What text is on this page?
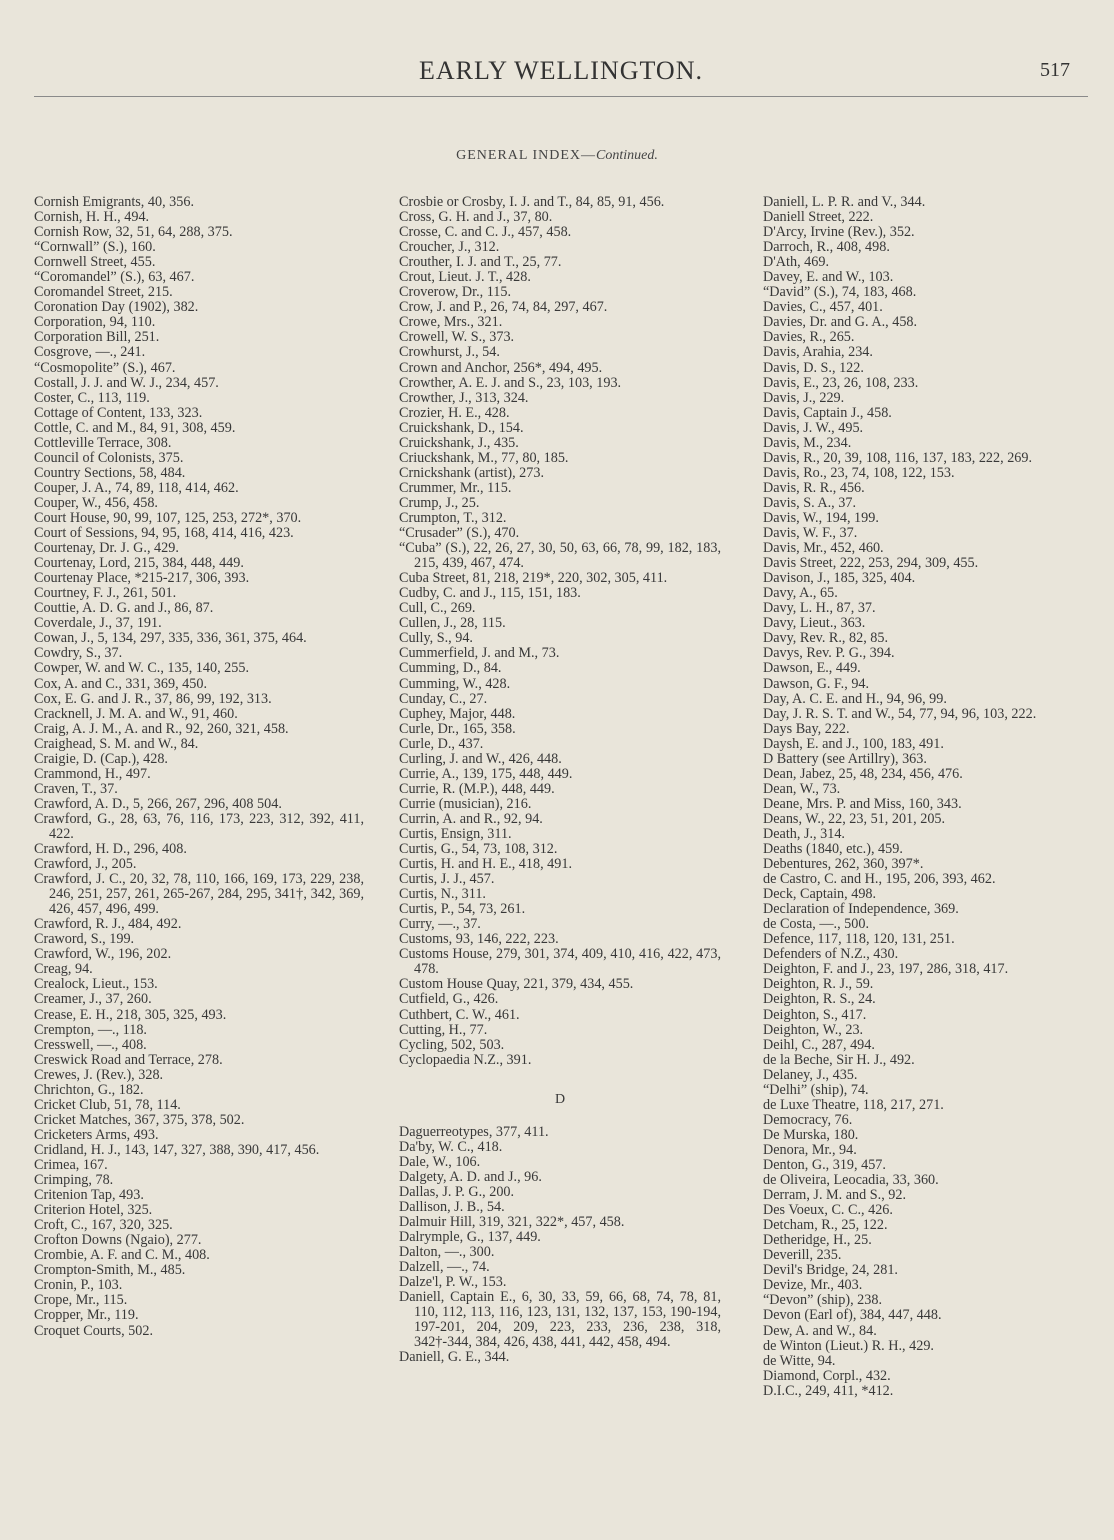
EARLY WELLINGTON.	517
GENERAL INDEX—Continued.
Cornish Emigrants, 40, 356.
Cornish, H. H., 494.
Cornish Row, 32, 51, 64, 288, 375.
“Cornwall” (S.), 160.
Cornwell Street, 455.
“Coromandel” (S.), 63, 467.
Coromandel Street, 215.
Coronation Day (1902), 382.
Corporation, 94, 110.
Corporation Bill, 251.
Cosgrove, —., 241.
“Cosmopolite” (S.), 467.
Costall, J. J. and W. J., 234, 457.
Coster, C., 113, 119.
Cottage of Content, 133, 323.
Cottle, C. and M., 84, 91, 308, 459.
Cottleville Terrace, 308.
Council of Colonists, 375.
Country Sections, 58, 484.
Couper, J. A., 74, 89, 118, 414, 462.
Couper, W., 456, 458.
Court House, 90, 99, 107, 125, 253, 272*, 370.
Court of Sessions, 94, 95, 168, 414, 416, 423.
Courtenay, Dr. J. G., 429.
Courtenay, Lord, 215, 384, 448, 449.
Courtenay Place, *215-217, 306, 393.
Courtney, F. J., 261, 501.
Couttie, A. D. G. and J., 86, 87.
Coverdale, J., 37, 191.
Cowan, J., 5, 134, 297, 335, 336, 361, 375, 464.
Cowdry, S., 37.
Cowper, W. and W. C., 135, 140, 255.
Cox, A. and C., 331, 369, 450.
Cox, E. G. and J. R., 37, 86, 99, 192, 313.
Cracknell, J. M. A. and W., 91, 460.
Craig, A. J. M., A. and R., 92, 260, 321, 458.
Craighead, S. M. and W., 84.
Craigie, D. (Cap.), 428.
Crammond, H., 497.
Craven, T., 37.
Crawford, A. D., 5, 266, 267, 296, 408 504.
Crawford, G., 28, 63, 76, 116, 173, 223, 312, 392, 411, 422.
Crawford, H. D., 296, 408.
Crawford, J., 205.
Crawford, J. C., 20, 32, 78, 110, 166, 169, 173, 229, 238, 246, 251, 257, 261, 265-267, 284, 295, 341†, 342, 369, 426, 457, 496, 499.
Crawford, R. J., 484, 492.
Craword, S., 199.
Crawford, W., 196, 202.
Creag, 94.
Crealock, Lieut., 153.
Creamer, J., 37, 260.
Crease, E. H., 218, 305, 325, 493.
Crempton, —., 118.
Cresswell, —., 408.
Creswick Road and Terrace, 278.
Crewes, J. (Rev.), 328.
Chrichton, G., 182.
Cricket Club, 51, 78, 114.
Cricket Matches, 367, 375, 378, 502.
Cricketers Arms, 493.
Cridland, H. J., 143, 147, 327, 388, 390, 417, 456.
Crimea, 167.
Crimping, 78.
Critenion Tap, 493.
Criterion Hotel, 325.
Croft, C., 167, 320, 325.
Crofton Downs (Ngaio), 277.
Crombie, A. F. and C. M., 408.
Crompton-Smith, M., 485.
Cronin, P., 103.
Crope, Mr., 115.
Cropper, Mr., 119.
Croquet Courts, 502.
Crosbie or Crosby, I. J. and T., 84, 85, 91, 456.
Cross, G. H. and J., 37, 80.
Crosse, C. and C. J., 457, 458.
Croucher, J., 312.
Crouther, I. J. and T., 25, 77.
Crout, Lieut. J. T., 428.
Croverow, Dr., 115.
Crow, J. and P., 26, 74, 84, 297, 467.
Crowe, Mrs., 321.
Crowell, W. S., 373.
Crowhurst, J., 54.
Crown and Anchor, 256*, 494, 495.
Crowther, A. E. J. and S., 23, 103, 193.
Crowther, J., 313, 324.
Crozier, H. E., 428.
Cruickshank, D., 154.
Cruickshank, J., 435.
Criuckshank, M., 77, 80, 185.
Crnickshank (artist), 273.
Crummer, Mr., 115.
Crump, J., 25.
Crumpton, T., 312.
“Crusader” (S.), 470.
“Cuba” (S.), 22, 26, 27, 30, 50, 63, 66, 78, 99, 182, 183, 215, 439, 467, 474.
Cuba Street, 81, 218, 219*, 220, 302, 305, 411.
Cudby, C. and J., 115, 151, 183.
Cull, C., 269.
Cullen, J., 28, 115.
Cully, S., 94.
Cummerfield, J. and M., 73.
Cumming, D., 84.
Cumming, W., 428.
Cunday, C., 27.
Cuphey, Major, 448.
Curle, Dr., 165, 358.
Curle, D., 437.
Curling, J. and W., 426, 448.
Currie, A., 139, 175, 448, 449.
Currie, R. (M.P.), 448, 449.
Currie (musician), 216.
Currin, A. and R., 92, 94.
Curtis, Ensign, 311.
Curtis, G., 54, 73, 108, 312.
Curtis, H. and H. E., 418, 491.
Curtis, J. J., 457.
Curtis, N., 311.
Curtis, P., 54, 73, 261.
Curry, —., 37.
Customs, 93, 146, 222, 223.
Customs House, 279, 301, 374, 409, 410, 416, 422, 473, 478.
Custom House Quay, 221, 379, 434, 455.
Cutfield, G., 426.
Cuthbert, C. W., 461.
Cutting, H., 77.
Cycling, 502, 503.
Cyclopaedia N.Z., 391.
D
Daguerreotypes, 377, 411.
Da'by, W. C., 418.
Dale, W., 106.
Dalgety, A. D. and J., 96.
Dallas, J. P. G., 200.
Dallison, J. B., 54.
Dalmuir Hill, 319, 321, 322*, 457, 458.
Dalrymple, G., 137, 449.
Dalton, —., 300.
Dalzell, —., 74.
Dalze'l, P. W., 153.
Daniell, Captain E., 6, 30, 33, 59, 66, 68, 74, 78, 81, 110, 112, 113, 116, 123, 131, 132, 137, 153, 190-194, 197-201, 204, 209, 223, 233, 236, 238, 318, 342†-344, 384, 426, 438, 441, 442, 458, 494.
Daniell, G. E., 344.
Daniell, L. P. R. and V., 344.
Daniell Street, 222.
D'Arcy, Irvine (Rev.), 352.
Darroch, R., 408, 498.
D'Ath, 469.
Davey, E. and W., 103.
“David” (S.), 74, 183, 468.
Davies, C., 457, 401.
Davies, Dr. and G. A., 458.
Davies, R., 265.
Davis, Arahia, 234.
Davis, D. S., 122.
Davis, E., 23, 26, 108, 233.
Davis, J., 229.
Davis, Captain J., 458.
Davis, J. W., 495.
Davis, M., 234.
Davis, R., 20, 39, 108, 116, 137, 183, 222, 269.
Davis, Ro., 23, 74, 108, 122, 153.
Davis, R. R., 456.
Davis, S. A., 37.
Davis, W., 194, 199.
Davis, W. F., 37.
Davis, Mr., 452, 460.
Davis Street, 222, 253, 294, 309, 455.
Davison, J., 185, 325, 404.
Davy, A., 65.
Davy, L. H., 87, 37.
Davy, Lieut., 363.
Davy, Rev. R., 82, 85.
Davys, Rev. P. G., 394.
Dawson, E., 449.
Dawson, G. F., 94.
Day, A. C. E. and H., 94, 96, 99.
Day, J. R. S. T. and W., 54, 77, 94, 96, 103, 222.
Days Bay, 222.
Daysh, E. and J., 100, 183, 491.
D Battery (see Artillry), 363.
Dean, Jabez, 25, 48, 234, 456, 476.
Dean, W., 73.
Deane, Mrs. P. and Miss, 160, 343.
Deans, W., 22, 23, 51, 201, 205.
Death, J., 314.
Deaths (1840, etc.), 459.
Debentures, 262, 360, 397*.
de Castro, C. and H., 195, 206, 393, 462.
Deck, Captain, 498.
Declaration of Independence, 369.
de Costa, —., 500.
Defence, 117, 118, 120, 131, 251.
Defenders of N.Z., 430.
Deighton, F. and J., 23, 197, 286, 318, 417.
Deighton, R. J., 59.
Deighton, R. S., 24.
Deighton, S., 417.
Deighton, W., 23.
Deihl, C., 287, 494.
de la Beche, Sir H. J., 492.
Delaney, J., 435.
“Delhi” (ship), 74.
de Luxe Theatre, 118, 217, 271.
Democracy, 76.
De Murska, 180.
Denora, Mr., 94.
Denton, G., 319, 457.
de Oliveira, Leocadia, 33, 360.
Derram, J. M. and S., 92.
Des Voeux, C. C., 426.
Detcham, R., 25, 122.
Detheridge, H., 25.
Deverill, 235.
Devil's Bridge, 24, 281.
Devize, Mr., 403.
“Devon” (ship), 238.
Devon (Earl of), 384, 447, 448.
Dew, A. and W., 84.
de Winton (Lieut.) R. H., 429.
de Witte, 94.
Diamond, Corpl., 432.
D.I.C., 249, 411, *412.
